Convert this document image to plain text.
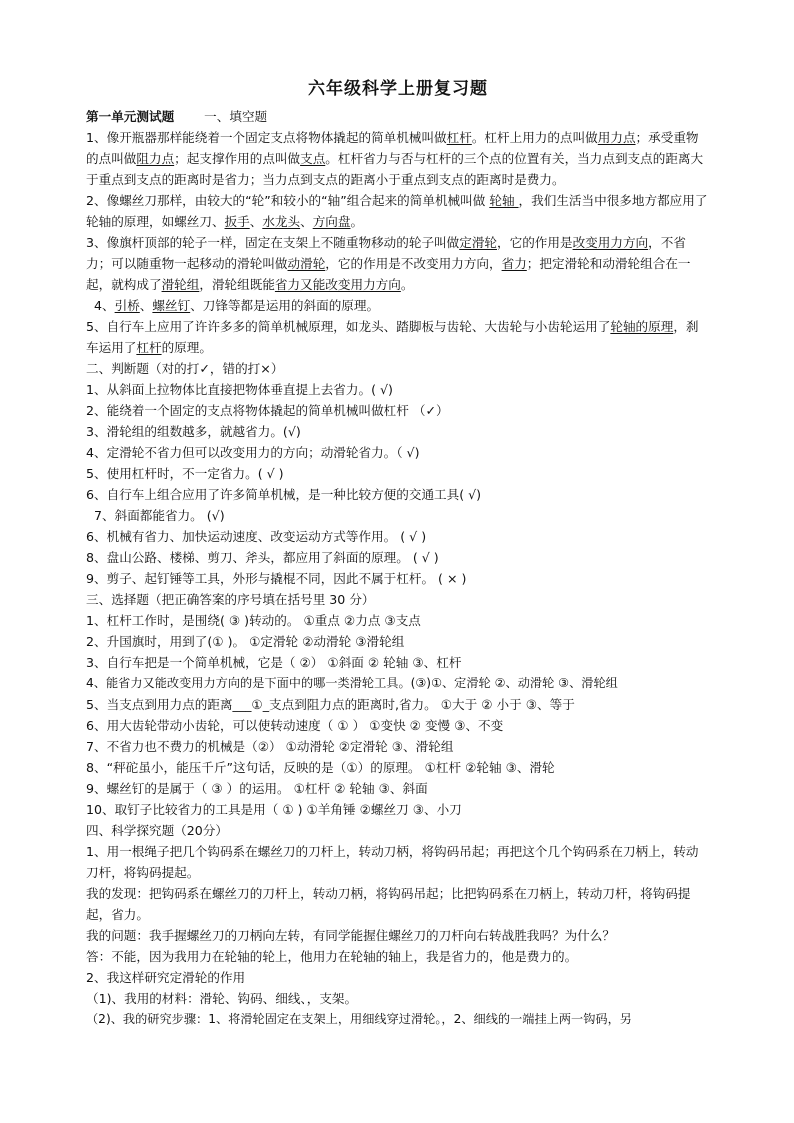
六年级科学上册复习题

第一单元测试题 一、填空题

1、像开瓶器那样能绕着一个固定支点将物体撬起的简单机械叫做杠杆。杠杆上用力的点叫做用力点；承受重物的点叫做阻力点；起支撑作用的点叫做支点。杠杆省力与否与杠杆的三个点的位置有关，当力点到支点的距离大于重点到支点的距离时是省力；当力点到支点的距离小于重点到支点的距离时是费力。

2、像螺丝刀那样，由较大的“轮”和较小的“轴”组合起来的简单机械叫做 轮轴 ，我们生活当中很多地方都应用了轮轴的原理，如螺丝刀、扳手、水龙头、方向盘。

3、像旗杆顶部的轮子一样，固定在支架上不随重物移动的轮子叫做定滑轮，它的作用是改变用力方向，不省力；可以随重物一起移动的滑轮叫做动滑轮，它的作用是不改变用力方向，省力；把定滑轮和动滑轮组合在一起，就构成了滑轮组，滑轮组既能省力又能改变用力方向。

4、引桥、螺丝钉、刀锋等都是运用的斜面的原理。

5、自行车上应用了许许多多的简单机械原理，如龙头、踏脚板与齿轮、大齿轮与小齿轮运用了轮轴的原理，刹车运用了杠杆的原理。

二、判断题（对的打✓，错的打×）

1、从斜面上拉物体比直接把物体垂直提上去省力。( √)

2、能绕着一个固定的支点将物体撬起的简单机械叫做杠杆 （✓）

3、滑轮组的组数越多，就越省力。(√)

4、定滑轮不省力但可以改变用力的方向；动滑轮省力。（ √)

5、使用杠杆时，不一定省力。( √ )

6、自行车上组合应用了许多简单机械，是一种比较方便的交通工具( √)

7、斜面都能省力。 (√)

6、机械有省力、加快运动速度、改变运动方式等作用。 ( √ )

8、盘山公路、楼梯、剪刀、斧头，都应用了斜面的原理。 ( √ )

9、剪子、起钉锤等工具，外形与撬棍不同，因此不属于杠杆。 ( × )

三、选择题（把正确答案的序号填在括号里 30 分）

1、杠杆工作时，是围绕( ③ )转动的。 ①重点 ②力点 ③支点

2、升国旗时，用到了(① )。 ①定滑轮 ②动滑轮 ③滑轮组

3、自行车把是一个简单机械，它是（ ②） ①斜面 ② 轮轴 ③、杠杆

4、能省力又能改变用力方向的是下面中的哪一类滑轮工具。(③)①、定滑轮 ②、动滑轮 ③、滑轮组

5、当支点到用力点的距离___①_支点到阻力点的距离时,省力。 ①大于 ② 小于 ③、等于

6、用大齿轮带动小齿轮，可以使转动速度（ ① ） ①变快 ② 变慢 ③、不变

7、不省力也不费力的机械是（②） ①动滑轮 ②定滑轮 ③、滑轮组

8、“秤砣虽小，能压千斤”这句话，反映的是（①）的原理。 ①杠杆 ②轮轴 ③、滑轮

9、螺丝钉的是属于（ ③ ）的运用。 ①杠杆 ② 轮轴 ③、斜面

10、取钉子比较省力的工具是用（ ① ) ①羊角锤 ②螺丝刀 ③、小刀

四、科学探究题（20分）

1、用一根绳子把几个钩码系在螺丝刀的刀杆上，转动刀柄，将钩码吊起；再把这个几个钩码系在刀柄上，转动刀杆，将钩码提起。

我的发现：把钩码系在螺丝刀的刀杆上，转动刀柄，将钩码吊起；比把钩码系在刀柄上，转动刀杆，将钩码提起，省力。

我的问题：我手握螺丝刀的刀柄向左转，有同学能握住螺丝刀的刀杆向右转战胜我吗？为什么？

答：不能，因为我用力在轮轴的轮上，他用力在轮轴的轴上，我是省力的，他是费力的。

2、我这样研究定滑轮的作用

（1)、我用的材料：滑轮、钩码、细线、，支架。

（2)、我的研究步骤：1、将滑轮固定在支架上，用细线穿过滑轮。，2、细线的一端挂上两一钩码，另
